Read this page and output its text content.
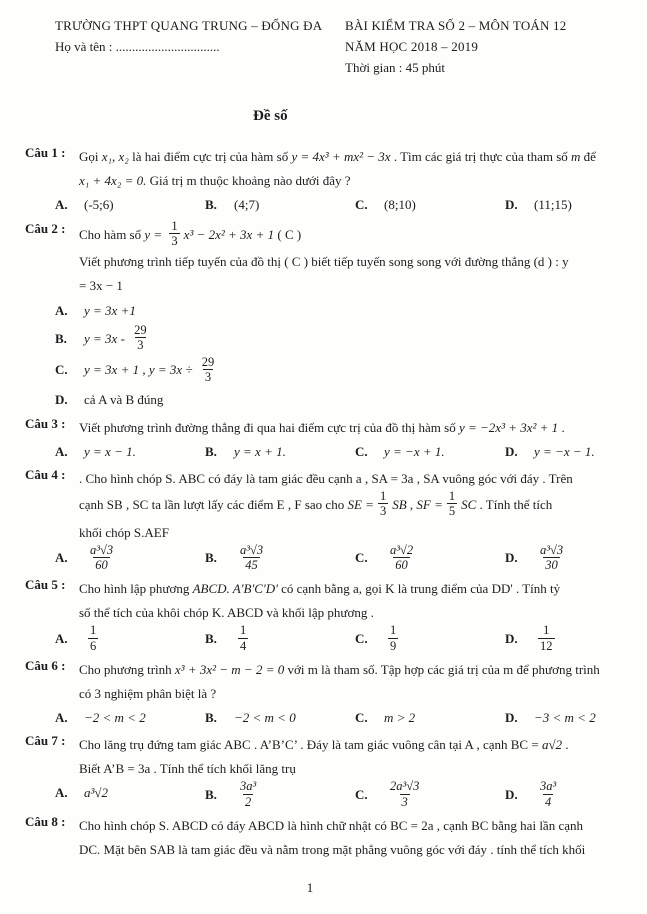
TRƯỜNG THPT QUANG TRUNG – ĐỐNG ĐA
Họ và tên : ................................
BÀI KIỂM TRA SỐ 2 – MÔN TOÁN 12
NĂM HỌC 2018 – 2019
Thời gian : 45 phút
Đề số
Câu 1 :	Gọi x₁, x₂ là hai điểm cực trị của hàm số y = 4x³ + mx² − 3x . Tìm các giá trị thực của tham số m để
x₁ + 4x₂ = 0. Giá trị m thuộc khoảng nào dưới đây ?
A. (-5;6)	B. (4;7)	C. (8;10)	D. (11;15)
Câu 2 :	Cho hàm số $y = \frac{1}{3} x^3 - 2x^2 + 3x + 1$ ( C )
Viết phương trình tiếp tuyến của đồ thị ( C ) biết tiếp tuyến song song với đường thẳng (d ) : y
= 3x − 1
A. y = 3x +1
B. $y = 3x - \frac{29}{3}$
C. y = 3x + 1 , $y = 3x \div \frac{29}{3}$
D. cả A và B đúng
Câu 3 :	Viết phương trình đường thẳng đi qua hai điểm cực trị của đồ thị hàm số y = −2x³ + 3x² + 1 .
A. y = x − 1.	B. y = x + 1.	C. y = −x + 1.	D. y = −x − 1.
Câu 4 :	. Cho hình chóp S. ABC có đáy là tam giác đều cạnh a , SA = 3a , SA vuông góc với đáy . Trên
cạnh SB , SC ta lần lượt lấy các điểm E , F sao cho SE = $\frac{1}{3}$ SB , SF = $\frac{1}{5}$ SC . Tính thể tích
khối chóp S.AEF
A. $\frac{\text{a³√3}}{60}$	B. $\frac{\text{a³√3}}{45}$	C. $\frac{\text{a³√2}}{60}$	D. $\frac{\text{a³√3}}{30}$
Câu 5 :	Cho hình lập phương ABCD. A'B'C'D' có cạnh bằng a, gọi K là trung điểm của DD' . Tính tỷ
số thể tích của khôi chóp K. ABCD và khối lập phương .
A. $\frac{1}{6}$	B. $\frac{1}{4}$	C. $\frac{1}{9}$	D. $\frac{1}{12}$
Câu 6 :	Cho phương trình x³ + 3x² − m − 2 = 0 với m là tham số. Tập hợp các giá trị của m để phương trình
có 3 nghiệm phân biệt là ?
A. −2 < m < 2	B. −2 < m < 0	C. m > 2	D. −3 < m < 2
Câu 7 :	Cho lăng trụ đứng tam giác ABC . A’B’C’ . Đáy là tam giác vuông cân tại A , cạnh BC = a√2 .
Biết A’B = 3a . Tính thể tích khối lăng trụ
A. a³√2	B. $\frac{\text{3a³}}{2}$	C. $\frac{\text{2a³√3}}{3}$	D. $\frac{\text{3a³}}{4}$
Câu 8 :	Cho hình chóp S. ABCD có đáy ABCD là hình chữ nhật có BC = 2a , cạnh BC bằng hai lần cạnh
DC. Mặt bên SAB là tam giác đều và nằm trong mặt phẳng vuông góc với đáy . tính thể tích khối
1
